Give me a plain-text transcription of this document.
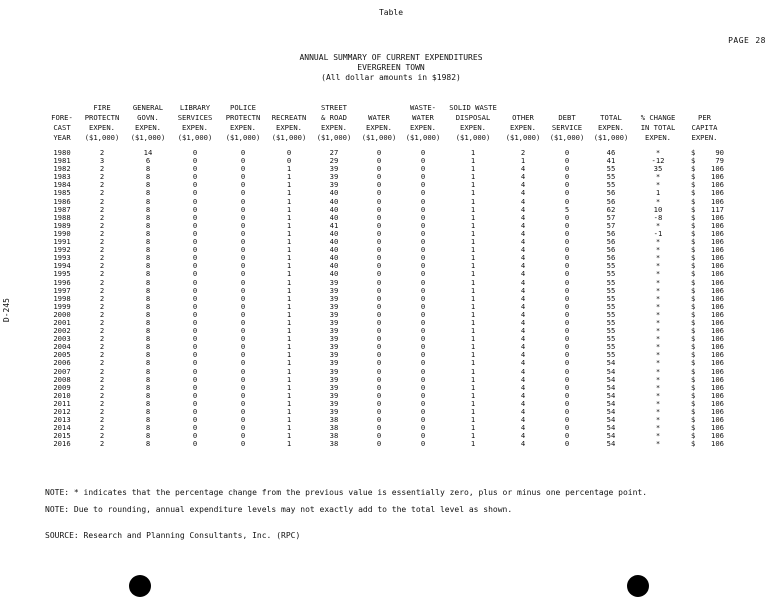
Table
PAGE 28
ANNUAL SUMMARY OF CURRENT EXPENDITURES
EVERGREEN TOWN
(All dollar amounts in $1982)
D-245
FORE-
CAST
YEAR	FIRE
PROTECTN
EXPEN.
($1,000)	GENERAL
GOVN.
EXPEN.
($1,000)	LIBRARY
SERVICES
EXPEN.
($1,000)	POLICE
PROTECTN
EXPEN.
($1,000)	RECREATN
EXPEN.
($1,000)	STREET
& ROAD
EXPEN.
($1,000)	WATER
EXPEN.
($1,000)	WASTE-
WATER
EXPEN.
($1,000)	SOLID WASTE
DISPOSAL
EXPEN.
($1,000)	OTHER
EXPEN.
($1,000)	DEBT
SERVICE
($1,000)	TOTAL
EXPEN.
($1,000)	% CHANGE
IN TOTAL
EXPEN.	PER
CAPITA
EXPEN.

1980	2	14	0	0	0	27	0	0	1	2	0	46	*	$ 90

1981	3	6	0	0	0	29	0	0	1	1	0	41	-12	$ 79

1982	2	8	0	0	1	39	0	0	1	4	0	55	35	$ 106

1983	2	8	0	0	1	39	0	0	1	4	0	55	*	$ 106

1984	2	8	0	0	1	39	0	0	1	4	0	55	*	$ 106

1985	2	8	0	0	1	40	0	0	1	4	0	56	1	$ 106

1986	2	8	0	0	1	40	0	0	1	4	0	56	*	$ 106

1987	2	8	0	0	1	40	0	0	1	4	5	62	10	$ 117

1988	2	8	0	0	1	40	0	0	1	4	0	57	-8	$ 106

1989	2	8	0	0	1	41	0	0	1	4	0	57	*	$ 106

1990	2	8	0	0	1	40	0	0	1	4	0	56	-1	$ 106

1991	2	8	0	0	1	40	0	0	1	4	0	56	*	$ 106

1992	2	8	0	0	1	40	0	0	1	4	0	56	*	$ 106

1993	2	8	0	0	1	40	0	0	1	4	0	56	*	$ 106

1994	2	8	0	0	1	40	0	0	1	4	0	55	*	$ 106

1995	2	8	0	0	1	40	0	0	1	4	0	55	*	$ 106

1996	2	8	0	0	1	39	0	0	1	4	0	55	*	$ 106

1997	2	8	0	0	1	39	0	0	1	4	0	55	*	$ 106

1998	2	8	0	0	1	39	0	0	1	4	0	55	*	$ 106

1999	2	8	0	0	1	39	0	0	1	4	0	55	*	$ 106

2000	2	8	0	0	1	39	0	0	1	4	0	55	*	$ 106

2001	2	8	0	0	1	39	0	0	1	4	0	55	*	$ 106

2002	2	8	0	0	1	39	0	0	1	4	0	55	*	$ 106

2003	2	8	0	0	1	39	0	0	1	4	0	55	*	$ 106

2004	2	8	0	0	1	39	0	0	1	4	0	55	*	$ 106

2005	2	8	0	0	1	39	0	0	1	4	0	55	*	$ 106

2006	2	8	0	0	1	39	0	0	1	4	0	54	*	$ 106

2007	2	8	0	0	1	39	0	0	1	4	0	54	*	$ 106

2008	2	8	0	0	1	39	0	0	1	4	0	54	*	$ 106

2009	2	8	0	0	1	39	0	0	1	4	0	54	*	$ 106

2010	2	8	0	0	1	39	0	0	1	4	0	54	*	$ 106

2011	2	8	0	0	1	39	0	0	1	4	0	54	*	$ 106

2012	2	8	0	0	1	39	0	0	1	4	0	54	*	$ 106

2013	2	8	0	0	1	38	0	0	1	4	0	54	*	$ 106

2014	2	8	0	0	1	38	0	0	1	4	0	54	*	$ 106

2015	2	8	0	0	1	38	0	0	1	4	0	54	*	$ 106

2016	2	8	0	0	1	38	0	0	1	4	0	54	*	$ 106
NOTE: * indicates that the percentage change from the previous value is essentially zero, plus or minus one percentage point.
NOTE: Due to rounding, annual expenditure levels may not exactly add to the total level as shown.
SOURCE: Research and Planning Consultants, Inc. (RPC)
